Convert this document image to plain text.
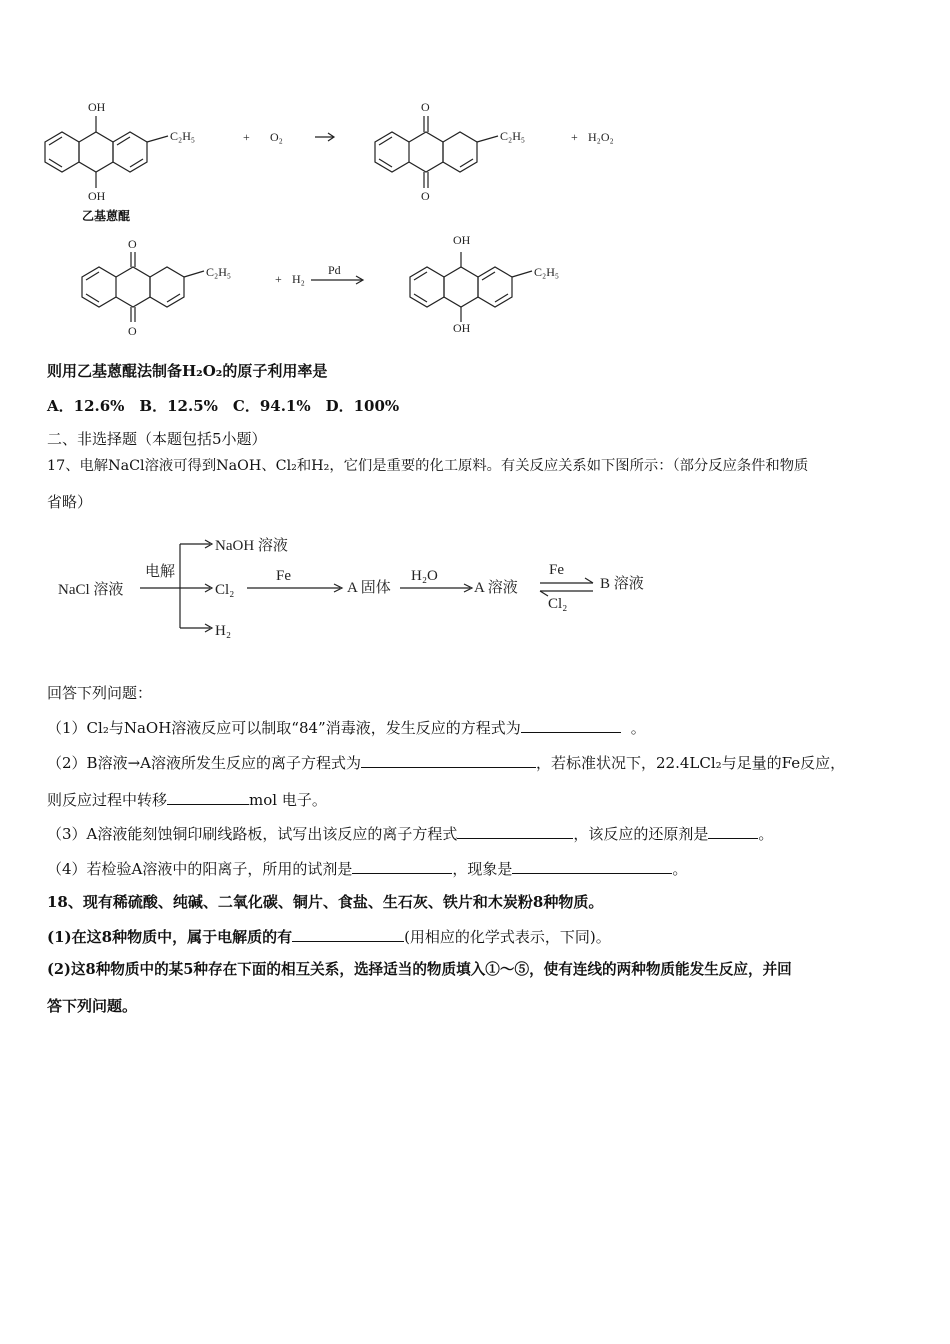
OH
OH
C₂H₅	+ O₂
O
O
C₂H₅	+ H₂O₂
乙基蒽醌
O
O
C₂H₅	+ H₂
Pd
OH
OH
C₂H₅
则用乙基蒽醌法制备H₂O₂的原子利用率是
A．12.6%　B．12.5%　C．94.1%　D．100%
二、非选择题（本题包括5小题）
17、电解NaCl溶液可得到NaOH、Cl₂和H₂，它们是重要的化工原料。有关反应关系如下图所示：（部分反应条件和物质
省略）
NaCl 溶液
电解
NaOH 溶液
Cl₂
H₂
Fe
A 固体
H₂O
A 溶液
Fe
Cl₂
B 溶液
回答下列问题：
（1）Cl₂与NaOH溶液反应可以制取“84”消毒液，发生反应的方程式为	。
（2）B溶液→A溶液所发生反应的离子方程式为	，若标准状况下，22.4LCl₂与足量的Fe反应，
则反应过程中转移	mol 电子。
（3）A溶液能刻蚀铜印刷线路板，试写出该反应的离子方程式	，该反应的还原剂是	。
（4）若检验A溶液中的阳离子，所用的试剂是	，现象是	。
18、现有稀硫酸、纯碱、二氧化碳、铜片、食盐、生石灰、铁片和木炭粉8种物质。
(1)在这8种物质中，属于电解质的有	(用相应的化学式表示，下同)。
(2)这8种物质中的某5种存在下面的相互关系，选择适当的物质填入①～⑤，使有连线的两种物质能发生反应，并回
答下列问题。
